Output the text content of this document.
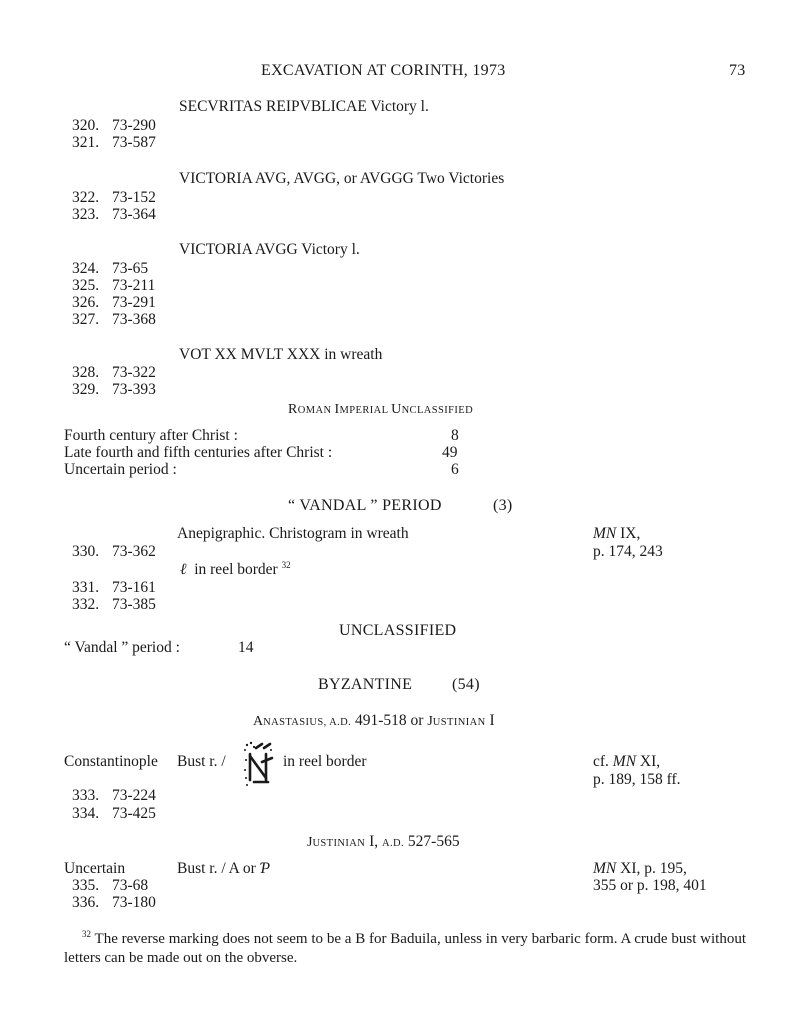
EXCAVATION AT CORINTH, 1973	73
SECVRITAS REIPVBLICAE Victory l.
320. 73-290
321. 73-587
VICTORIA AVG, AVGG, or AVGGG Two Victories
322. 73-152
323. 73-364
VICTORIA AVGG Victory l.
324. 73-65
325. 73-211
326. 73-291
327. 73-368
VOT XX MVLT XXX in wreath
328. 73-322
329. 73-393
ROMAN IMPERIAL UNCLASSIFIED
Fourth century after Christ :	8
Late fourth and fifth centuries after Christ :	49
Uncertain period :	6
“ VANDAL ” PERIOD	(3)
Anepigraphic. Christogram in wreath	MN IX,
p. 174, 243
330. 73-362
ℓ in reel border $^{32}$
331. 73-161
332. 73-385
UNCLASSIFIED
“ Vandal ” period :	14
BYZANTINE (54)
ANASTASIUS, A.D. 491-518 or JUSTINIAN I
Constantinople Bust r. /	in reel border	cf. MN XI,
p. 189, 158 ff.
333. 73-224
334. 73-425
JUSTINIAN I, A.D. 527-565
Uncertain	Bust r. / A or Ƥ	MN XI, p. 195,
355 or p. 198, 401
335. 73-68
336. 73-180
$^{32}$ The reverse marking does not seem to be a B for Baduila, unless in very barbaric form. A crude bust without letters can be made out on the obverse.
